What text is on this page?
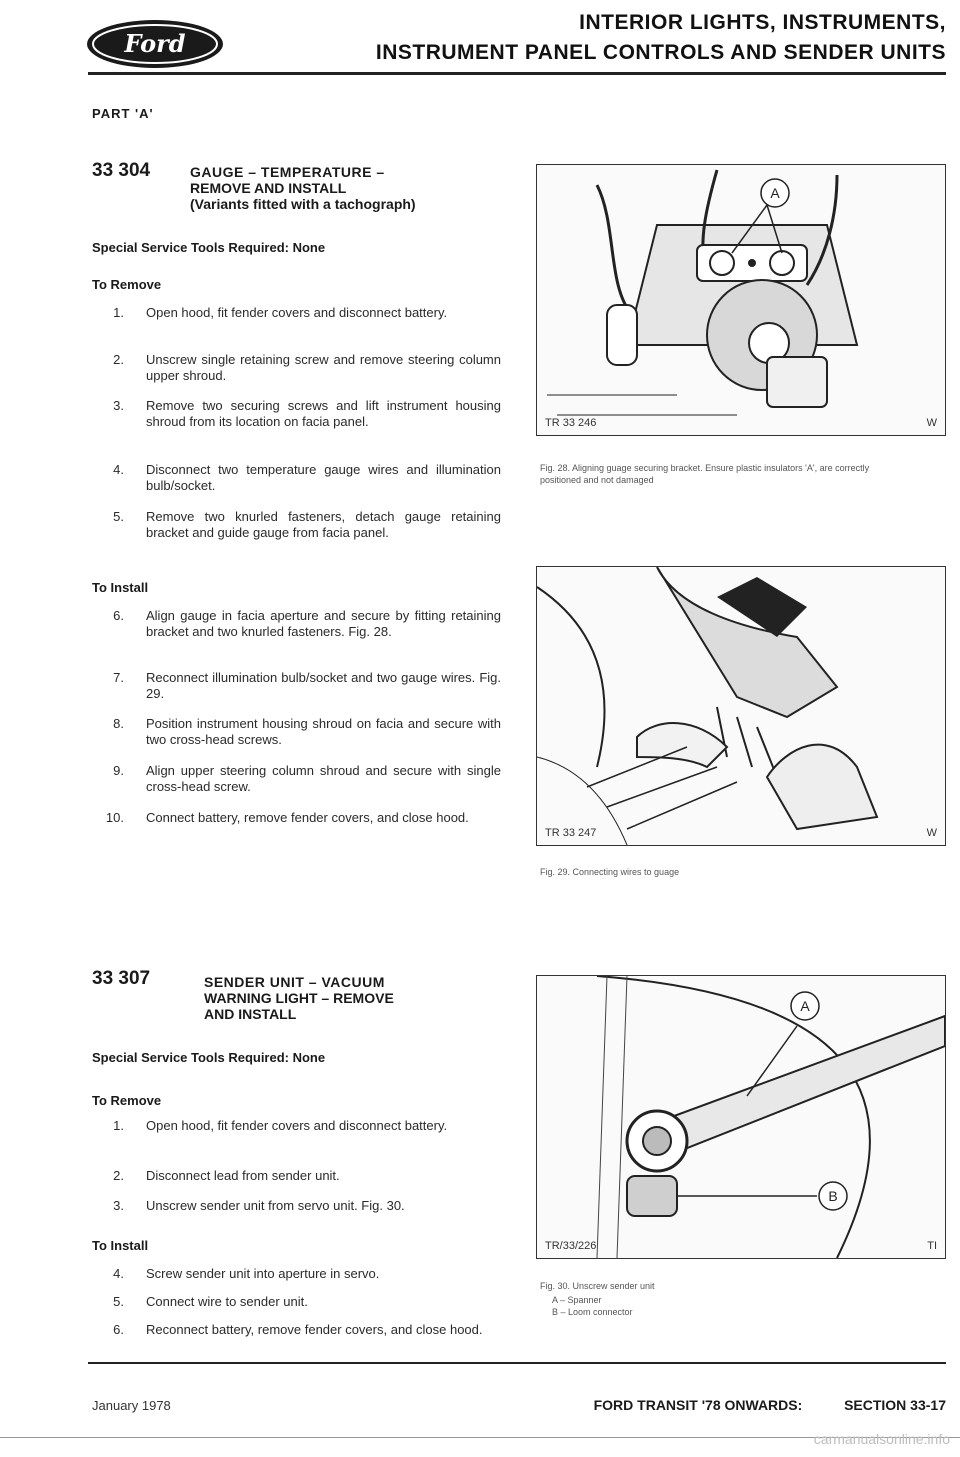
Ford
INTERIOR LIGHTS, INSTRUMENTS,
INSTRUMENT PANEL CONTROLS AND SENDER UNITS
PART 'A'
33 304	GAUGE – TEMPERATURE –
REMOVE AND INSTALL
(Variants fitted with a tachograph)
Special Service Tools Required: None
To Remove
1. Open hood, fit fender covers and disconnect battery.
2. Unscrew single retaining screw and remove steering column upper shroud.
3. Remove two securing screws and lift instrument housing shroud from its location on facia panel.
4. Disconnect two temperature gauge wires and illumination bulb/socket.
5. Remove two knurled fasteners, detach gauge retaining bracket and guide gauge from facia panel.
To Install
6. Align gauge in facia aperture and secure by fitting retaining bracket and two knurled fasteners. Fig. 28.
7. Reconnect illumination bulb/socket and two gauge wires. Fig. 29.
8. Position instrument housing shroud on facia and secure with two cross-head screws.
9. Align upper steering column shroud and secure with single cross-head screw.
10. Connect battery, remove fender covers, and close hood.
33 307	SENDER UNIT – VACUUM
WARNING LIGHT – REMOVE
AND INSTALL
Special Service Tools Required: None
To Remove
1. Open hood, fit fender covers and disconnect battery.
2. Disconnect lead from sender unit.
3. Unscrew sender unit from servo unit. Fig. 30.
To Install
4. Screw sender unit into aperture in servo.
5. Connect wire to sender unit.
6. Reconnect battery, remove fender covers, and close hood.
A
TR 33 246	W
Fig. 28. Aligning guage securing bracket. Ensure plastic insulators 'A', are correctly positioned and not damaged
TR 33 247	W
Fig. 29. Connecting wires to guage
A
B
TR/33/226	TI
Fig. 30. Unscrew sender unit
A – Spanner
B – Loom connector
January 1978	FORD TRANSIT '78 ONWARDS:	SECTION 33-17
carmanualsonline.info
